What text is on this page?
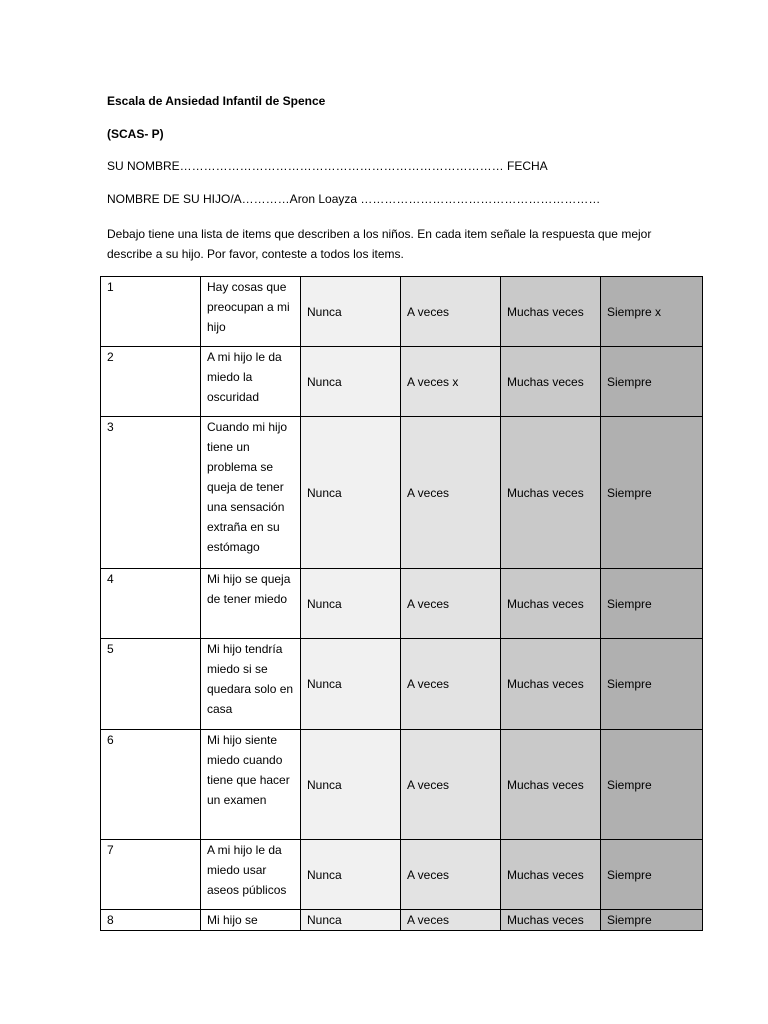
Escala de Ansiedad Infantil de Spence
(SCAS- P)
SU NOMBRE……………………………………………………………………… FECHA
NOMBRE DE SU HIJO/A…………Aron Loayza ……………………………………………………
Debajo tiene una lista de items que describen a los niños. En cada item señale la respuesta que mejor describe a su hijo. Por favor, conteste a todos los items.
1	Hay cosas que preocupan a mi hijo	Nunca	A veces	Muchas veces	Siempre x
2	A mi hijo le da miedo la oscuridad	Nunca	A veces x	Muchas veces	Siempre
3	Cuando mi hijo tiene un problema se queja de tener una sensación extraña en su estómago	Nunca	A veces	Muchas veces	Siempre
4	Mi hijo se queja de tener miedo	Nunca	A veces	Muchas veces	Siempre
5	Mi hijo tendría miedo si se quedara solo en casa	Nunca	A veces	Muchas veces	Siempre
6	Mi hijo siente miedo cuando tiene que hacer un examen	Nunca	A veces	Muchas veces	Siempre
7	A mi hijo le da miedo usar aseos públicos	Nunca	A veces	Muchas veces	Siempre
8	Mi hijo se	Nunca	A veces	Muchas veces	Siempre
